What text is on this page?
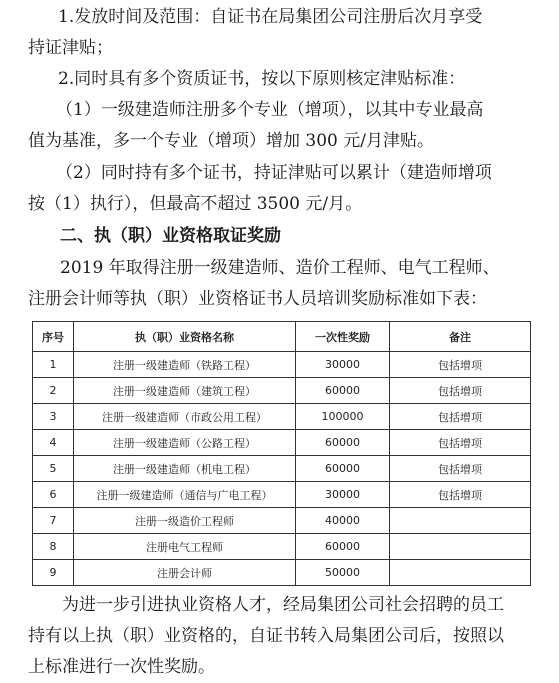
1.发放时间及范围：自证书在局集团公司注册后次月享受

持证津贴；

2.同时具有多个资质证书，按以下原则核定津贴标准：

（1）一级建造师注册多个专业（增项），以其中专业最高

值为基准，多一个专业（增项）增加 300 元/月津贴。

（2）同时持有多个证书，持证津贴可以累计（建造师增项

按（1）执行），但最高不超过 3500 元/月。

二、执（职）业资格取证奖励

2019 年取得注册一级建造师、造价工程师、电气工程师、

注册会计师等执（职）业资格证书人员培训奖励标准如下表：

序号	执（职）业资格名称	一次性奖励	备注
1	注册一级建造师（铁路工程）	30000	包括增项
2	注册一级建造师（建筑工程）	60000	包括增项
3	注册一级建造师（市政公用工程）	100000	包括增项
4	注册一级建造师（公路工程）	60000	包括增项
5	注册一级建造师（机电工程）	60000	包括增项
6	注册一级建造师（通信与广电工程）	30000	包括增项
7	注册一级造价工程师	40000	
8	注册电气工程师	60000	
9	注册会计师	50000	

为进一步引进执业资格人才，经局集团公司社会招聘的员工

持有以上执（职）业资格的，自证书转入局集团公司后，按照以

上标准进行一次性奖励。
